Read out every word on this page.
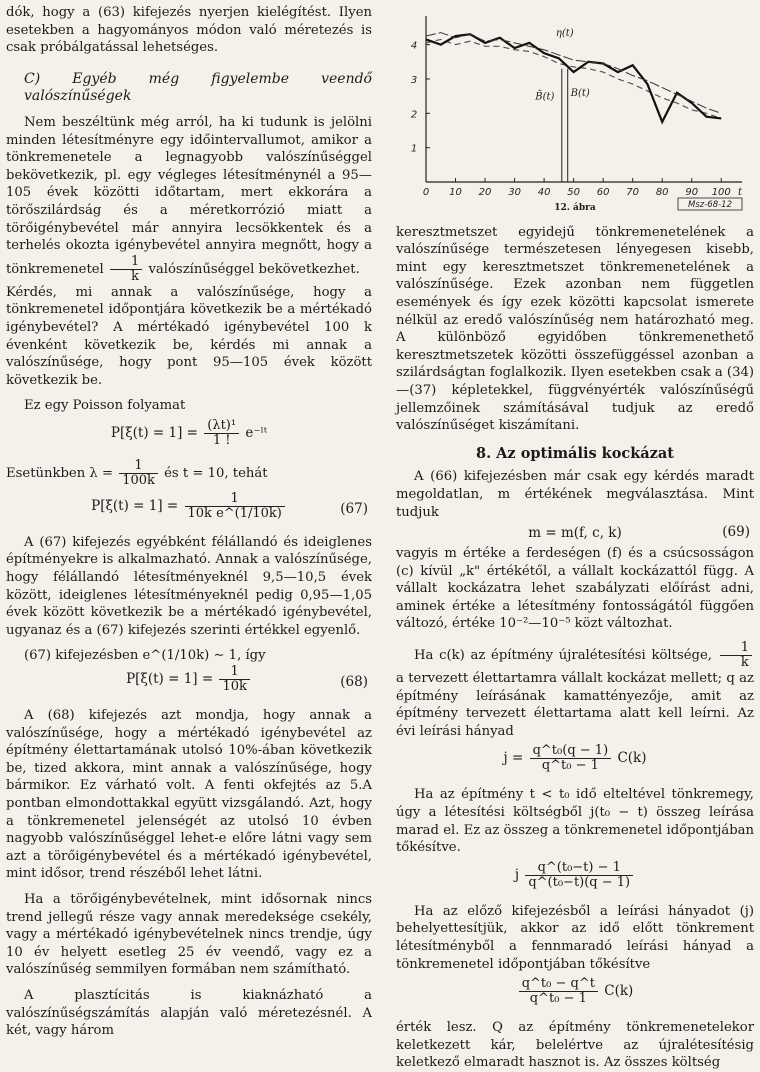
dók, hogy a (63) kifejezés nyerjen kielégítést. Ilyen esetekben a hagyományos módon való méretezés is csak próbálgatással lehetséges.

C) Egyéb még figyelembe veendő valószínűségek

Nem beszéltünk még arról, ha ki tudunk is jelölni minden létesítményre egy időintervallumot, amikor a tönkremenetele a legnagyobb valószínűséggel bekövetkezik, pl. egy végleges létesítménynél a 95—105 évek közötti időtartam, mert ekkorára a törőszilárdság és a méretkorrózió miatt a törőigénybevétel már annyira lecsökkentek és a terhelés okozta igénybevétel annyira megnőtt, hogy a tönkremenetel $\frac{1}{k}$ valószínűséggel bekövetkezhet.

Kérdés, mi annak a valószínűsége, hogy a tönkremenetel időpontjára következik be a mértékadó igénybevétel? A mértékadó igénybevétel 100 k évenként következik be, kérdés mi annak a valószínűsége, hogy pont 95—105 évek között következik be.

Ez egy Poisson folyamat

$P[\xi(t) = 1] = \frac{\text{(λt)¹}}{1 !}$ e⁻ˡᵗ

Esetünkben $\lambda = \frac{1}{100k}$ és t = 10, tehát

$P[\xi(t) = 1] = \frac{1}{\text{10k e\textasciicircum{}(1/10k)}}$	(67)

A (67) kifejezés egyébként félállandó és ideiglenes építményekre is alkalmazható. Annak a valószínűsége, hogy félállandó létesítményeknél 9,5—10,5 évek között, ideiglenes létesítményeknél pedig 0,95—1,05 évek között következik be a mértékadó igénybevétel, ugyanaz és a (67) kifejezés szerinti értékkel egyenlő.

(67) kifejezésben e^(1/10k) ∼ 1, így

$P[\xi(t) = 1] = \frac{1}{10k}$	(68)

A (68) kifejezés azt mondja, hogy annak a valószínűsége, hogy a mértékadó igénybevétel az építmény élettartamának utolsó 10%-ában következik be, tized akkora, mint annak a valószínűsége, hogy bármikor. Ez várható volt. A fenti okfejtés az 5.A pontban elmondottakkal együtt vizsgálandó. Azt, hogy a tönkremenetel jelenségét az utolsó 10 évben nagyobb valószínűséggel lehet-e előre látni vagy sem azt a törőigénybevétel és a mértékadó igénybevétel, mint idősor, trend részéből lehet látni.

Ha a törőigénybevételnek, mint idősornak nincs trend jellegű része vagy annak meredeksége csekély, vagy a mértékadó igénybevételnek nincs trendje, úgy 10 év helyett esetleg 25 év veendő, vagy ez a valószínűség semmilyen formában nem számítható.

A plasztícitás is kiaknázható a valószínűségszámítás alapján való méretezésnél. A két, vagy három

0 10 20 30 40 50 60 70 80 90 100
1
2
3
4
η(t)
B(t)
B̄(t)
t
Msz-68-12
12. ábra

keresztmetszet egyidejű tönkremenetelének a valószínűsége természetesen lényegesen kisebb, mint egy keresztmetszet tönkremenetelének a valószínűsége. Ezek azonban nem független események és így ezek közötti kapcsolat ismerete nélkül az eredő valószínűség nem határozható meg. A különböző egyidőben tönkremenethető keresztmetszetek közötti összefüggéssel azonban a szilárdságtan foglalkozik. Ilyen esetekben csak a (34)—(37) képletekkel, függvényérték valószínűségű jellemzőinek számításával tudjuk az eredő valószínűséget kiszámítani.

8. Az optimális kockázat

A (66) kifejezésben már csak egy kérdés maradt megoldatlan, m értékének megválasztása. Mint tudjuk

m = m(f, c, k)	(69)

vagyis m értéke a ferdeségen (f) és a csúcsosságon (c) kívül „k" értékétől, a vállalt kockázattól függ. A vállalt kockázatra lehet szabályzati előírást adni, aminek értéke a létesítmény fontosságától függően változó, értéke 10⁻²—10⁻⁵ közt változhat.

Ha c(k) az építmény újralétesítési költsége, $\frac{1}{k}$
a tervezett élettartamra vállalt kockázat mellett; q az építmény leírásának kamattényezője, amit az építmény tervezett élettartama alatt kell leírni. Az évi leírási hányad

$j = \frac{\text{q\textasciicircum{}t₀(q − 1)}}{\text{q\textasciicircum{}t₀ − 1}} C(k)$

Ha az építmény t < t₀ idő elteltével tönkremegy, úgy a létesítési költségből j(t₀ − t) összeg leírása marad el. Ez az összeg a tönkremenetel időpontjában tőkésítve.

j $\frac{\text{q\textasciicircum{}(t₀−t) − 1}}{\text{q\textasciicircum{}(t₀−t)(q − 1)}}$

Ha az előző kifejezésből a leírási hányadot (j) behelyettesítjük, akkor az idő előtt tönkrement létesítményből a fennmaradó leírási hányad a tönkremenetel időpontjában tőkésítve

$\frac{\text{q\textasciicircum{}t₀ − q\textasciicircum{}t}}{\text{q\textasciicircum{}t₀ − 1}} C(k)$

érték lesz. Q az építmény tönkremenetelekor keletkezett kár, belelértve az újralétesítésig keletkező elmaradt hasznot is. Az összes költség
